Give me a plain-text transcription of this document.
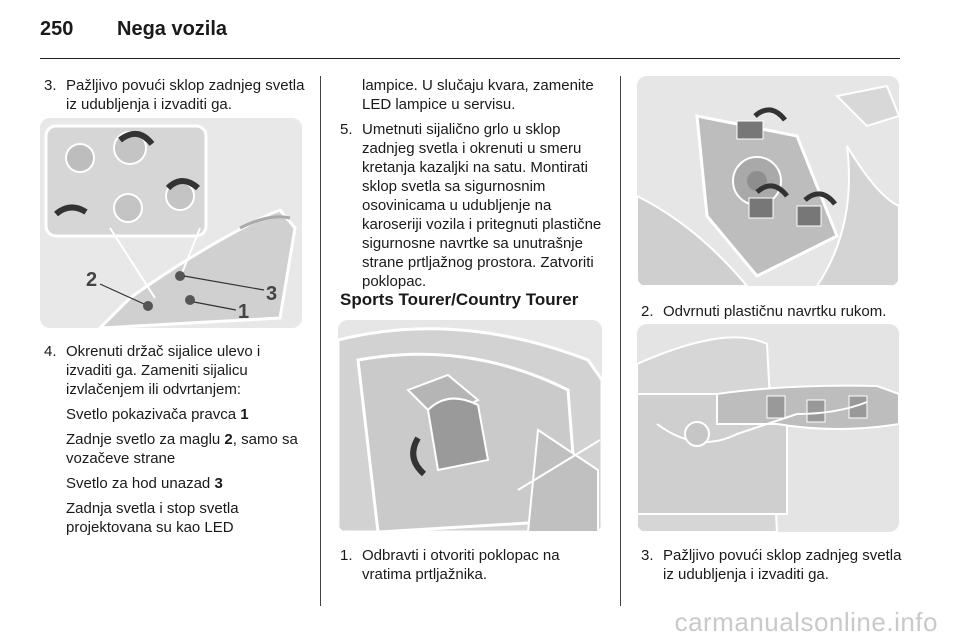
250 Nega vozila
3. Pažljivo povući sklop zadnjeg svetla iz udubljenja i izvaditi ga.
2
3
1
4. Okrenuti držač sijalice ulevo i izvaditi ga. Zameniti sijalicu izvlačenjem ili odvrtanjem:
Svetlo pokazivača pravca 1
Zadnje svetlo za maglu 2, samo sa vozačeve strane
Svetlo za hod unazad 3
Zadnja svetla i stop svetla projektovana su kao LED
lampice. U slučaju kvara, zamenite LED lampice u servisu.
5. Umetnuti sijalično grlo u sklop zadnjeg svetla i okrenuti u smeru kretanja kazaljki na satu. Montirati sklop svetla sa sigurnosnim osovinicama u udubljenje na karoseriji vozila i pritegnuti plastične sigurnosne navrtke sa unutrašnje strane prtljažnog prostora. Zatvoriti poklopac.
Sports Tourer/Country Tourer
1. Odbravti i otvoriti poklopac na vratima prtljažnika.
2. Odvrnuti plastičnu navrtku rukom.
3. Pažljivo povući sklop zadnjeg svetla iz udubljenja i izvaditi ga.
carmanualsonline.info
